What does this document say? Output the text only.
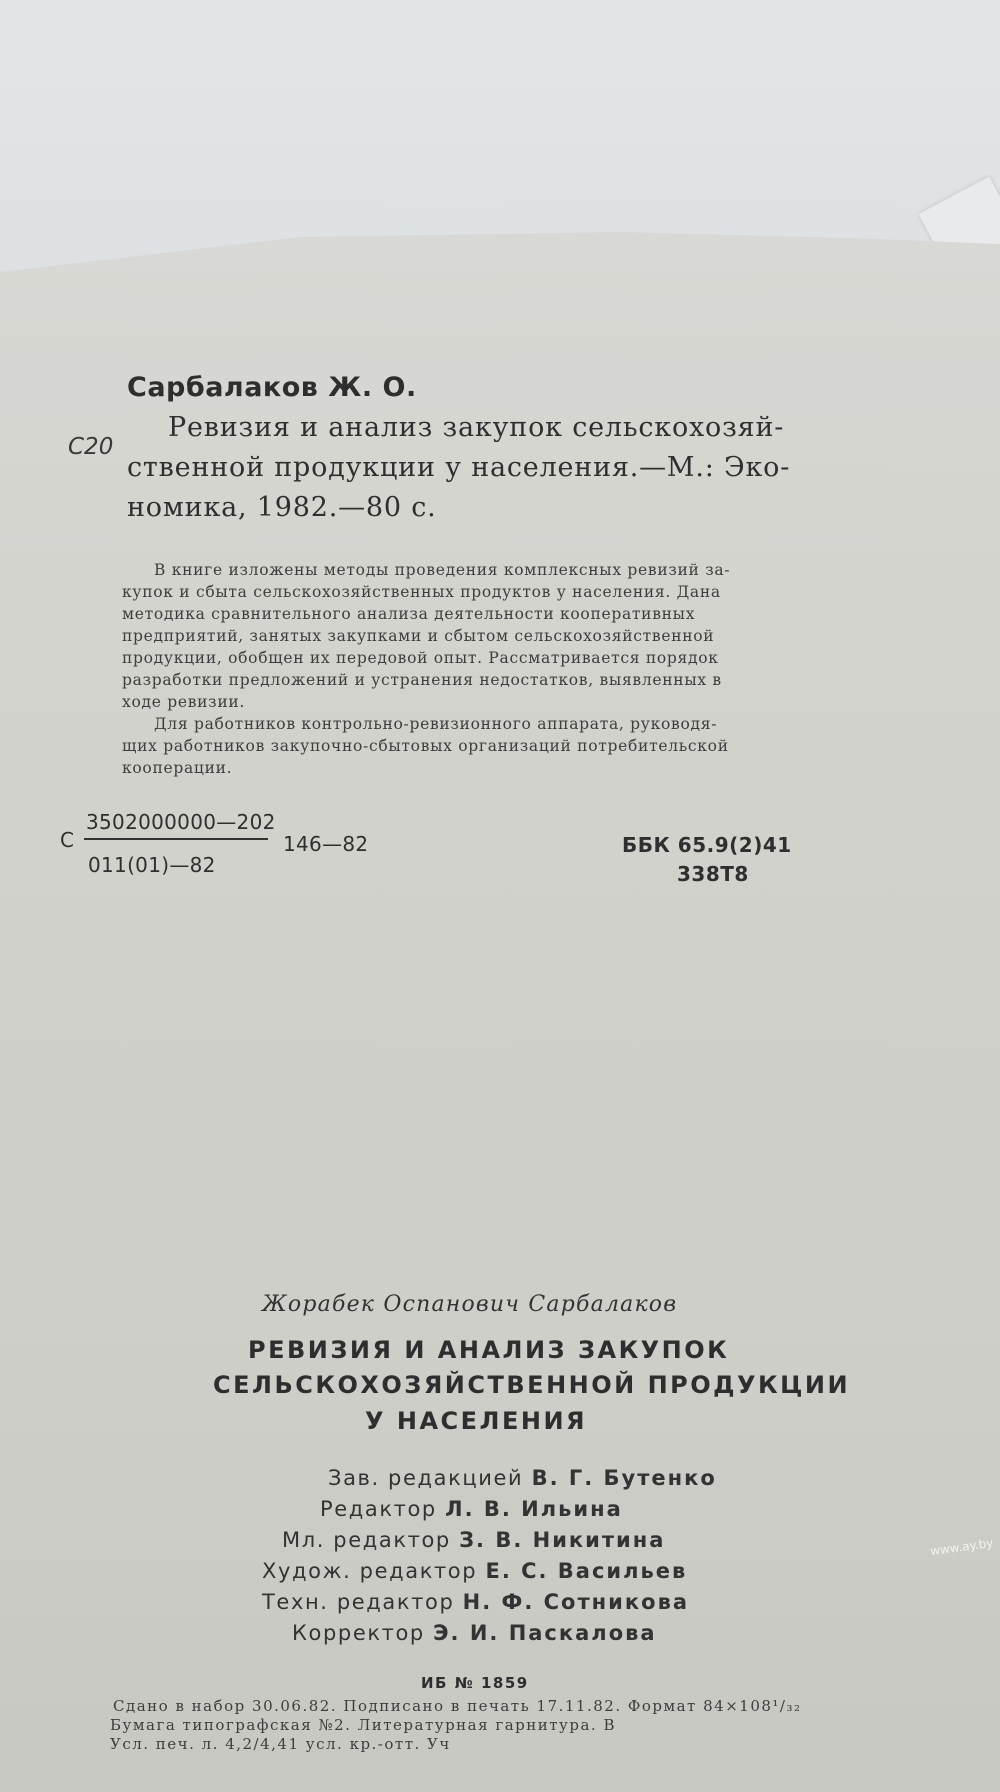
Сарбалаков Ж. О.
С20
Ревизия и анализ закупок сельскохозяй-
ственной продукции у населения.—М.: Эко-
номика, 1982.—80 с.
В книге изложены методы проведения комплексных ревизий за-
купок и сбыта сельскохозяйственных продуктов у населения. Дана
методика сравнительного анализа деятельности кооперативных
предприятий, занятых закупками и сбытом сельскохозяйственной
продукции, обобщен их передовой опыт. Рассматривается порядок
разработки предложений и устранения недостатков, выявленных в
ходе ревизии.
Для работников контрольно-ревизионного аппарата, руководя-
щих работников закупочно-сбытовых организаций потребительской
кооперации.
С
3502000000—202
011(01)—82
146—82	ББК 65.9(2)41
338Т8
Жорабек Оспанович Сарбалаков
РЕВИЗИЯ И АНАЛИЗ ЗАКУПОК
СЕЛЬСКОХОЗЯЙСТВЕННОЙ ПРОДУКЦИИ
У НАСЕЛЕНИЯ
Зав. редакцией В. Г. Бутенко
Редактор Л. В. Ильина
Мл. редактор З. В. Никитина
Худож. редактор Е. С. Васильев
Техн. редактор Н. Ф. Сотникова
Корректор Э. И. Паскалова
ИБ № 1859
Сдано в набор 30.06.82. Подписано в печать 17.11.82. Формат 84×108¹/₃₂
Бумага типографская №2. Литературная гарнитура. В
Усл. печ. л. 4,2/4,41 усл. кр.-отт. Уч
www.ay.by
